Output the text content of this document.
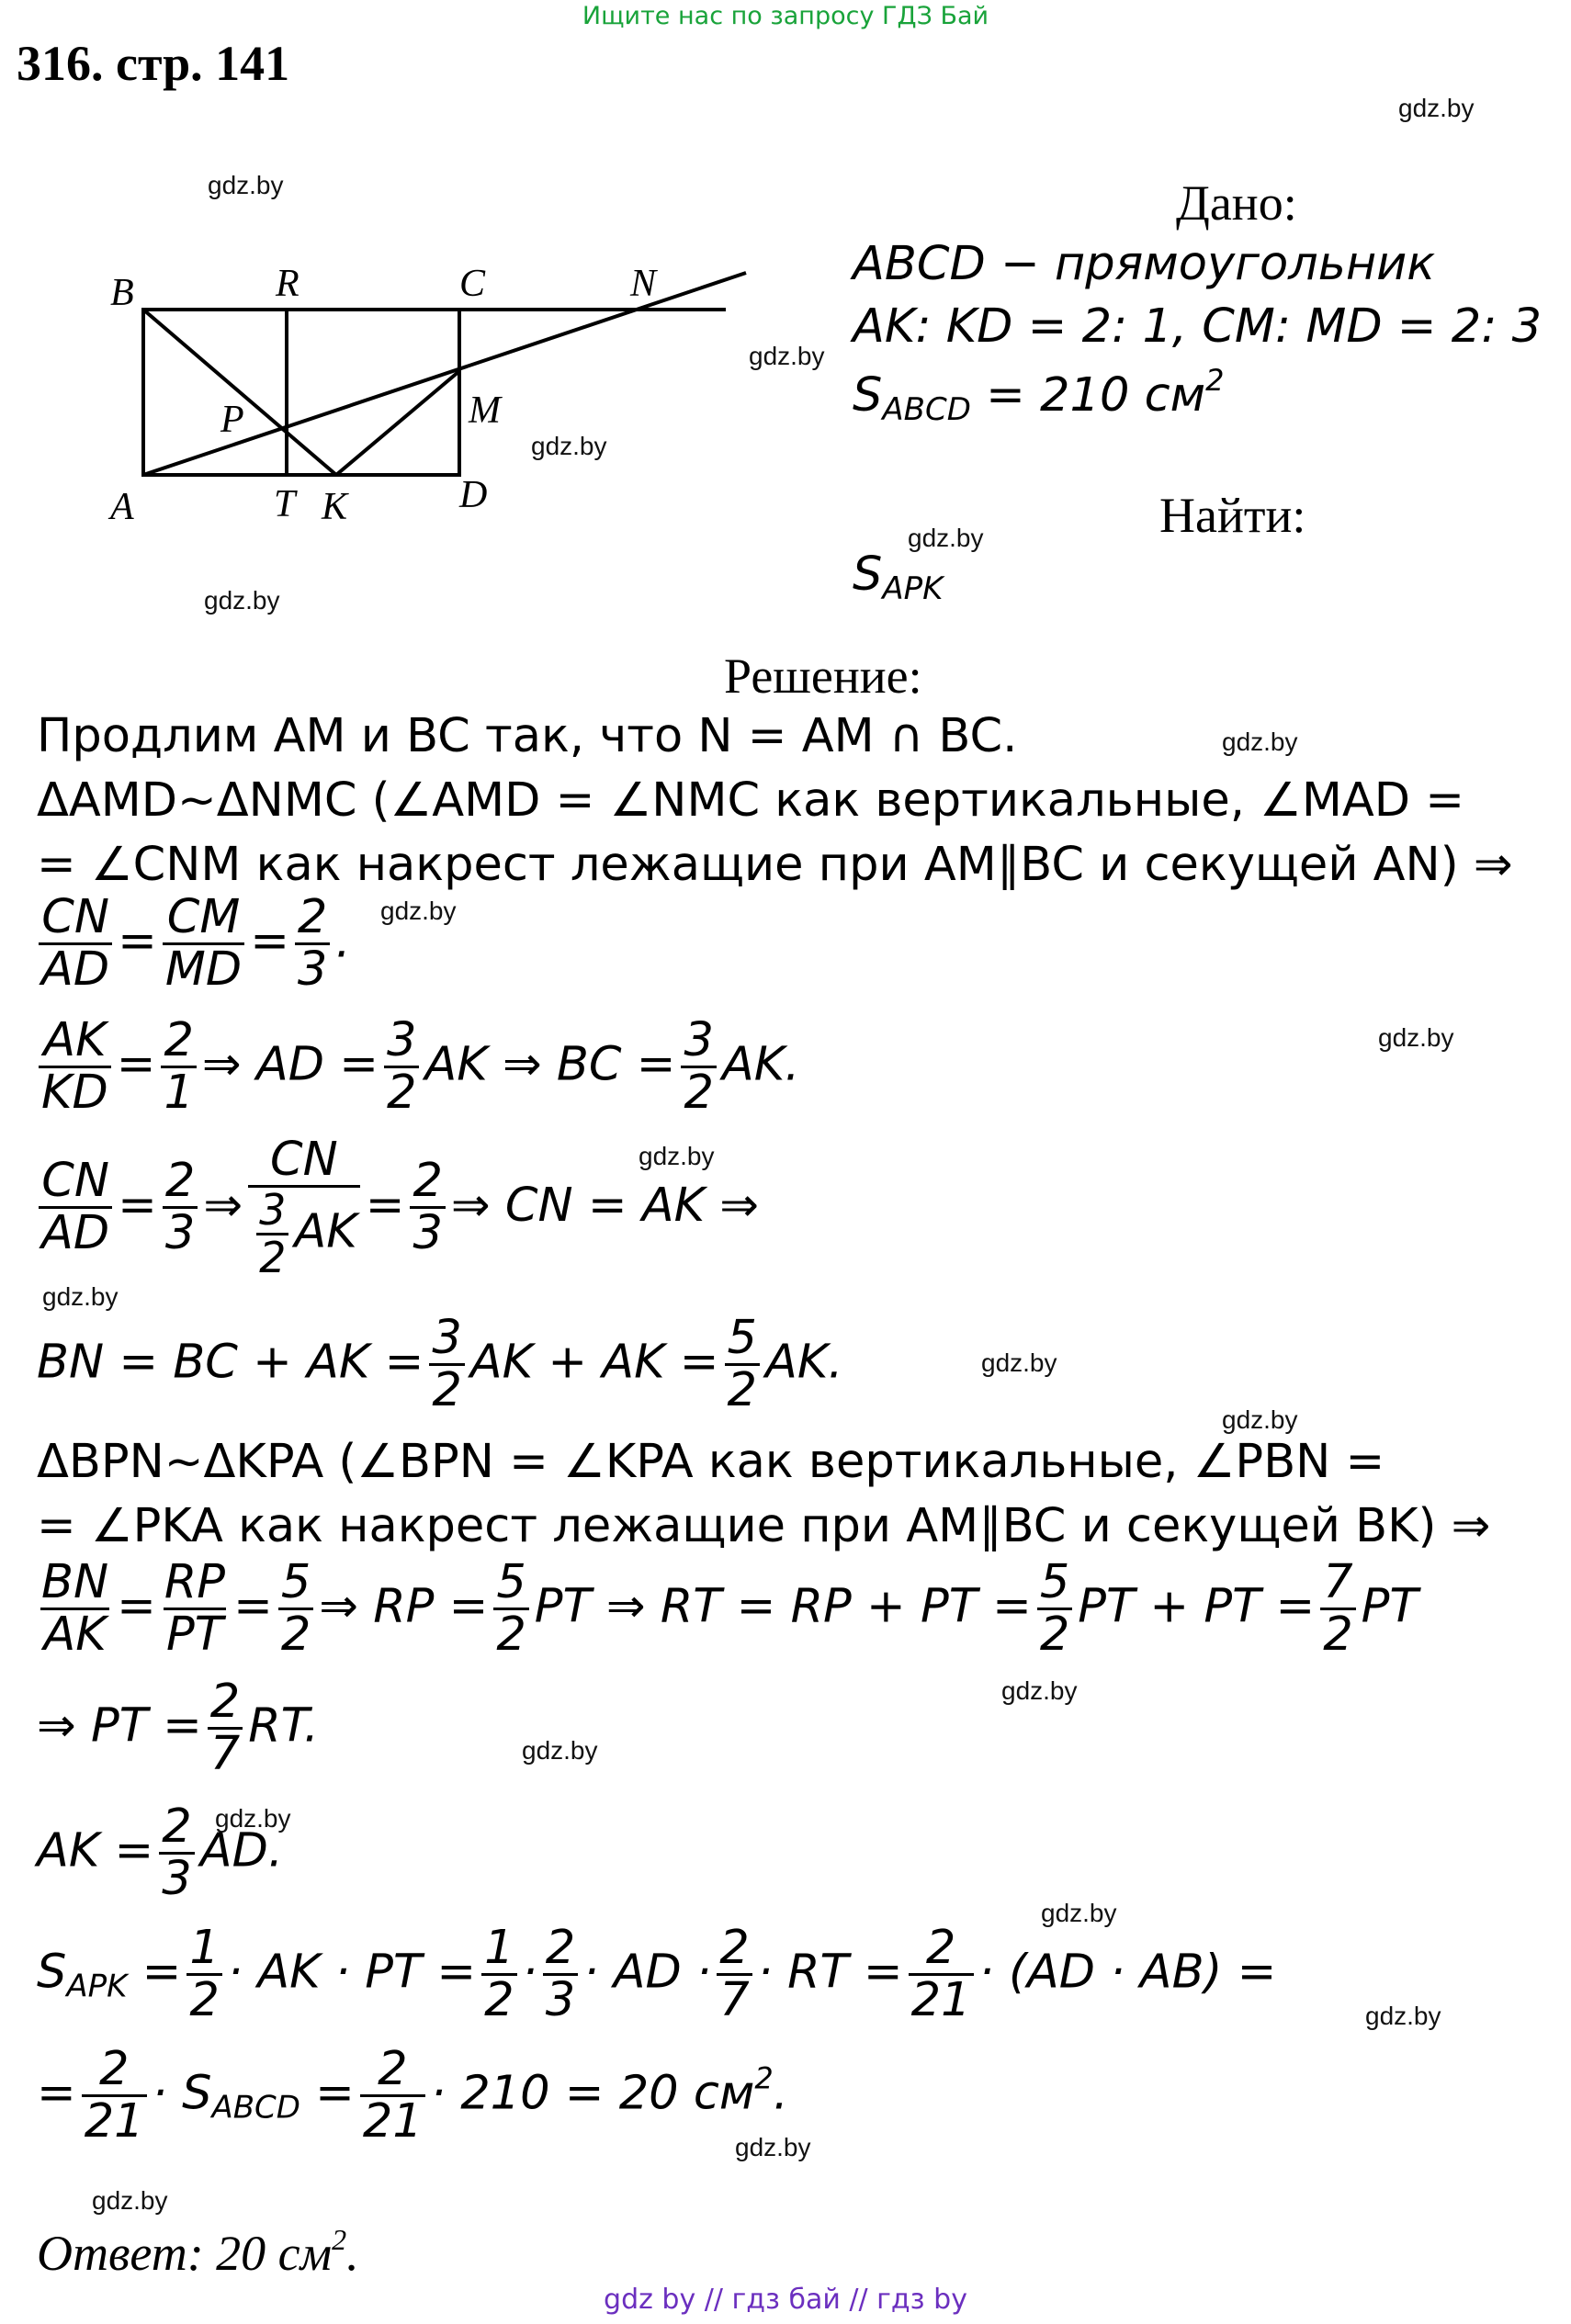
Ищите нас по запросу ГДЗ Бай
316. стр. 141
gdz.by
gdz.by
gdz.by
gdz.by
gdz.by
gdz.by
gdz.by
gdz.by
gdz.by
gdz.by
gdz.by
gdz.by
gdz.by
gdz.by
gdz.by
gdz.by
gdz.by
gdz.by
gdz.by
gdz.by
B	R	C	N
P	M
A	T K	D
Дано:
ABCD − прямоугольник
AK: KD = 2: 1, CM: MD = 2: 3
$S_{ABCD} = 210$ $см^2$
Найти:
$S_{APK}$
Решение:
Продлим AM и BC так, что N = AM ∩ BC.
ΔAMD~ΔNMC (∠AMD = ∠NMC как вертикальные, ∠MAD =
= ∠CNM как накрест лежащие при AM∥BC и секущей AN) ⇒
$\frac{CN}{AD} = \frac{CM}{MD} = \frac{2}{3}$ .
$\frac{AK}{KD} = \frac{2}{1}$ ⇒ AD = $\frac{3}{2}$ AK ⇒ BC = $\frac{3}{2}$ AK.
$\frac{CN}{AD} = \frac{2}{3}$ ⇒ $\frac{CN}{\frac{3}{2} AK} = \frac{2}{3}$ ⇒ CN = AK ⇒
BN = BC + AK = $\frac{3}{2}$ AK + AK = $\frac{5}{2}$ AK.
ΔBPN~ΔKPA (∠BPN = ∠KPA как вертикальные, ∠PBN =
= ∠PKA как накрест лежащие при AM∥BC и секущей BK) ⇒
$\frac{BN}{AK} = \frac{RP}{PT} = \frac{5}{2}$ ⇒ RP = $\frac{5}{2}$ PT ⇒ RT = RP + PT = $\frac{5}{2}$ PT + PT = $\frac{7}{2}$ PT
⇒ PT = $\frac{2}{7}$ RT.
AK = $\frac{2}{3}$ AD.
$S_{APK} = \frac{1}{2}$ · AK · PT = $\frac{1}{2} \cdot \frac{2}{3}$ · AD · $\frac{2}{7}$ · RT = $\frac{2}{21} \cdot (AD \cdot AB)$ =
= $\frac{2}{21} \cdot S_{ABCD} = \frac{2}{21} \cdot 210 = 20$ $см^2$.
Ответ: 20 $см^2$.
gdz by // гдз бай // гдз by
